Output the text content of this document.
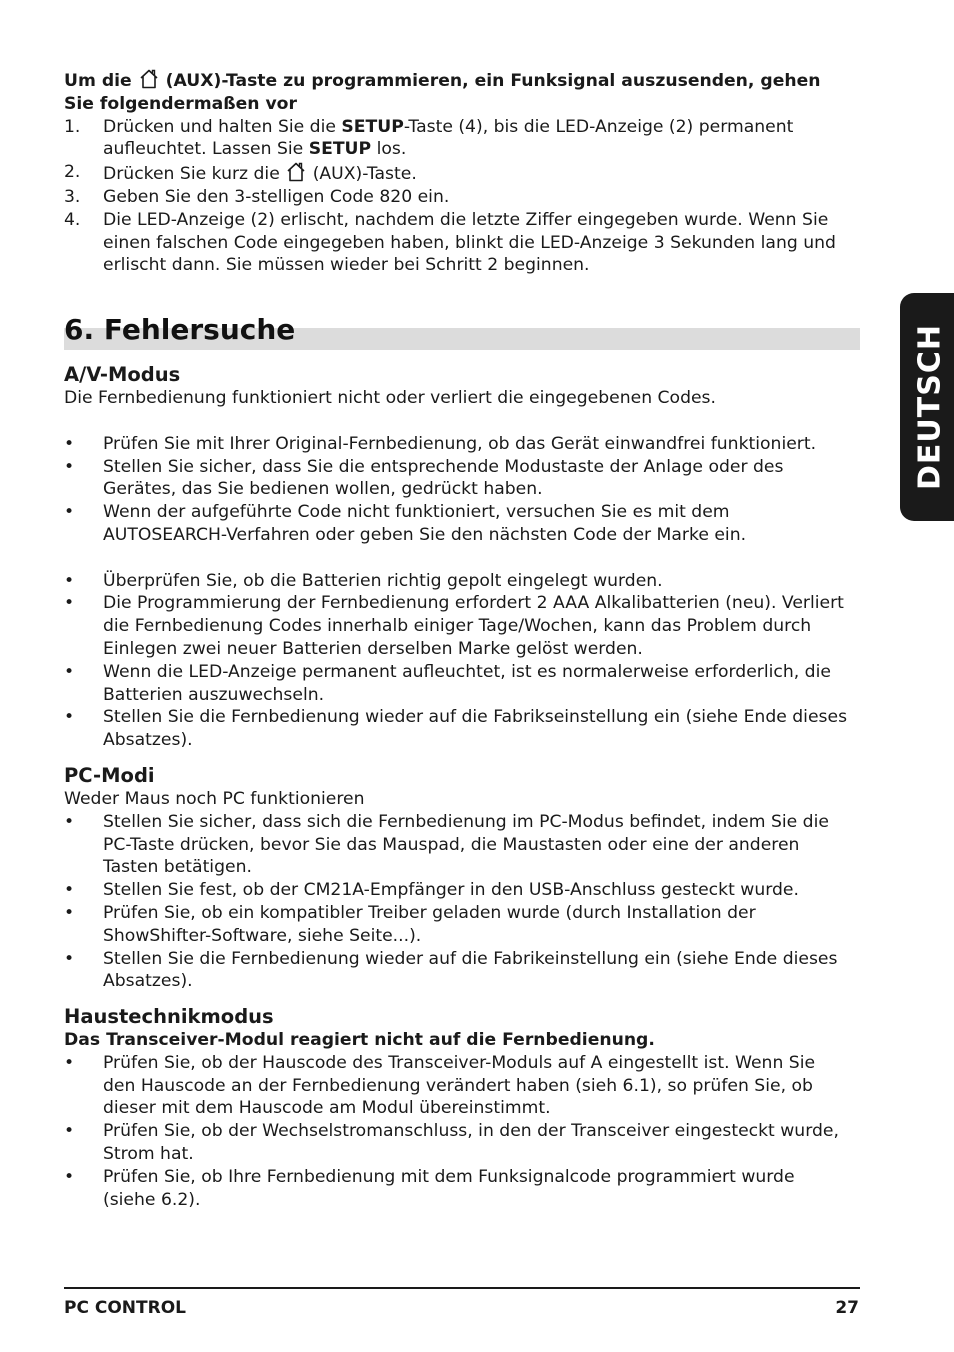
DEUTSCH
Um die (AUX)-Taste zu programmieren, ein Funksignal auszusenden, gehen
Sie folgendermaßen vor
1. Drücken und halten Sie die SETUP-Taste (4), bis die LED-Anzeige (2) permanent
aufleuchtet. Lassen Sie SETUP los.
2. Drücken Sie kurz die (AUX)-Taste.
3. Geben Sie den 3-stelligen Code 820 ein.
4. Die LED-Anzeige (2) erlischt, nachdem die letzte Ziffer eingegeben wurde. Wenn Sie
einen falschen Code eingegeben haben, blinkt die LED-Anzeige 3 Sekunden lang und
erlischt dann. Sie müssen wieder bei Schritt 2 beginnen.
6. Fehlersuche
A/V-Modus
Die Fernbedienung funktioniert nicht oder verliert die eingegebenen Codes.
• Prüfen Sie mit Ihrer Original-Fernbedienung, ob das Gerät einwandfrei funktioniert.
• Stellen Sie sicher, dass Sie die entsprechende Modustaste der Anlage oder des
Gerätes, das Sie bedienen wollen, gedrückt haben.
• Wenn der aufgeführte Code nicht funktioniert, versuchen Sie es mit dem
AUTOSEARCH-Verfahren oder geben Sie den nächsten Code der Marke ein.
• Überprüfen Sie, ob die Batterien richtig gepolt eingelegt wurden.
• Die Programmierung der Fernbedienung erfordert 2 AAA Alkalibatterien (neu). Verliert
die Fernbedienung Codes innerhalb einiger Tage/Wochen, kann das Problem durch
Einlegen zwei neuer Batterien derselben Marke gelöst werden.
• Wenn die LED-Anzeige permanent aufleuchtet, ist es normalerweise erforderlich, die
Batterien auszuwechseln.
• Stellen Sie die Fernbedienung wieder auf die Fabrikseinstellung ein (siehe Ende dieses
Absatzes).
PC-Modi
Weder Maus noch PC funktionieren
• Stellen Sie sicher, dass sich die Fernbedienung im PC-Modus befindet, indem Sie die
PC-Taste drücken, bevor Sie das Mauspad, die Maustasten oder eine der anderen
Tasten betätigen.
• Stellen Sie fest, ob der CM21A-Empfänger in den USB-Anschluss gesteckt wurde.
• Prüfen Sie, ob ein kompatibler Treiber geladen wurde (durch Installation der
ShowShifter-Software, siehe Seite...).
• Stellen Sie die Fernbedienung wieder auf die Fabrikeinstellung ein (siehe Ende dieses
Absatzes).
Haustechnikmodus
Das Transceiver-Modul reagiert nicht auf die Fernbedienung.
• Prüfen Sie, ob der Hauscode des Transceiver-Moduls auf A eingestellt ist. Wenn Sie
den Hauscode an der Fernbedienung verändert haben (sieh 6.1), so prüfen Sie, ob
dieser mit dem Hauscode am Modul übereinstimmt.
• Prüfen Sie, ob der Wechselstromanschluss, in den der Transceiver eingesteckt wurde,
Strom hat.
• Prüfen Sie, ob Ihre Fernbedienung mit dem Funksignalcode programmiert wurde
(siehe 6.2).
PC CONTROL	27
